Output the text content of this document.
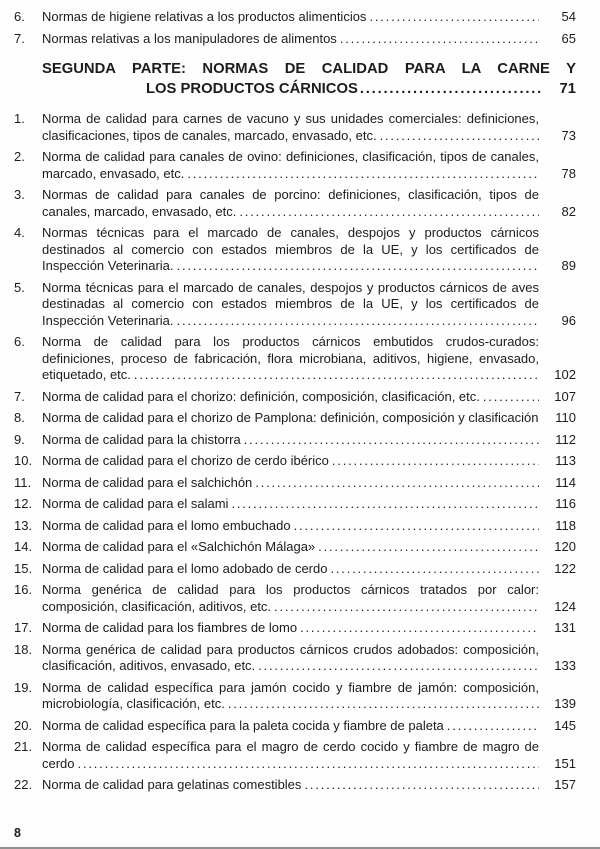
6.	Normas de higiene relativas a los productos alimenticios .....	54
7.	Normas relativas a los manipuladores de alimentos .....	65
SEGUNDA PARTE: NORMAS DE CALIDAD PARA LA CARNE Y
LOS PRODUCTOS CÁRNICOS .....	71
1.	Norma de calidad para carnes de vacuno y sus unidades comerciales: definiciones, clasificaciones, tipos de canales, marcado, envasado, etc. .....	73
2.	Norma de calidad para canales de ovino: definiciones, clasificación, tipos de canales, marcado, envasado, etc. .....	78
3.	Normas de calidad para canales de porcino: definiciones, clasificación, tipos de canales, marcado, envasado, etc. .....	82
4.	Normas técnicas para el marcado de canales, despojos y productos cárnicos destinados al comercio con estados miembros de la UE, y los certificados de Inspección Veterinaria. .....	89
5.	Norma técnicas para el marcado de canales, despojos y productos cárnicos de aves destinadas al comercio con estados miembros de la UE, y los certificados de Inspección Veterinaria. .....	96
6.	Norma de calidad para los productos cárnicos embutidos crudos-curados: definiciones, proceso de fabricación, flora microbiana, aditivos, higiene, envasado, etiquetado, etc. .....	102
7.	Norma de calidad para el chorizo: definición, composición, clasificación, etc. .....	107
8.	Norma de calidad para el chorizo de Pamplona: definición, composición y clasificación .....	110
9.	Norma de calidad para la chistorra .....	112
10. Norma de calidad para el chorizo de cerdo ibérico .....	113
11. Norma de calidad para el salchichón .....	114
12. Norma de calidad para el salami .....	116
13. Norma de calidad para el lomo embuchado .....	118
14. Norma de calidad para el «Salchichón Málaga» .....	120
15. Norma de calidad para el lomo adobado de cerdo .....	122
16. Norma genérica de calidad para los productos cárnicos tratados por calor: composición, clasificación, aditivos, etc. .....	124
17. Norma de calidad para los fiambres de lomo .....	131
18. Norma genérica de calidad para productos cárnicos crudos adobados: composición, clasificación, aditivos, envasado, etc. .....	133
19. Norma de calidad específica para jamón cocido y fiambre de jamón: composición, microbiología, clasificación, etc. .....	139
20. Norma de calidad específica para la paleta cocida y fiambre de paleta .....	145
21. Norma de calidad específica para el magro de cerdo cocido y fiambre de magro de cerdo .....	151
22. Norma de calidad para gelatinas comestibles .....	157
8
